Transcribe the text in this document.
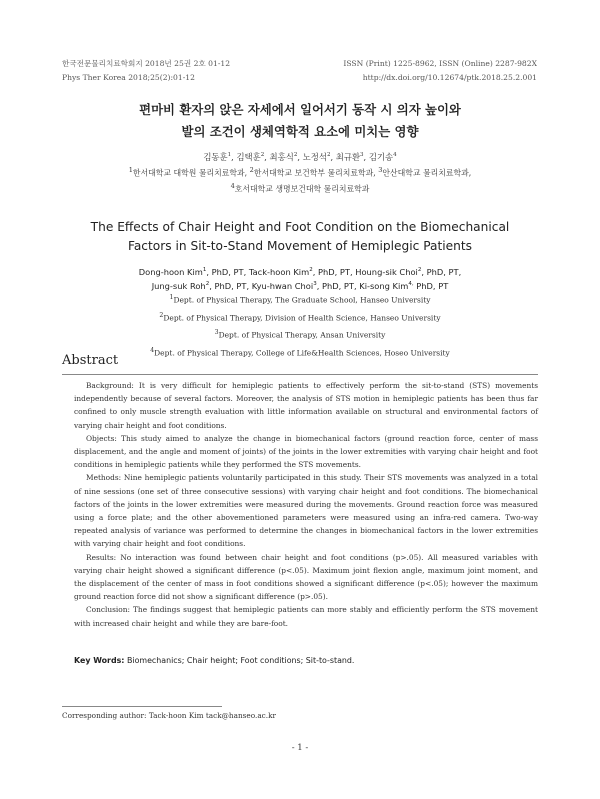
한국전문물리치료학회지 2018년 25권 2호 01-12
Phys Ther Korea 2018;25(2):01-12
ISSN (Print) 1225-8962, ISSN (Online) 2287-982X
http://dx.doi.org/10.12674/ptk.2018.25.2.001
편마비 환자의 앉은 자세에서 일어서기 동작 시 의자 높이와
발의 조건이 생체역학적 요소에 미치는 영향
김동훈$^1$, 김택훈$^2$, 최홍식$^2$, 노정석$^2$, 최규환$^3$, 김기송$^4$
$^1$한서대학교 대학원 물리치료학과, $^2$한서대학교 보건학부 물리치료학과, $^3$안산대학교 물리치료학과,
$^4$호서대학교 생명보건대학 물리치료학과
The Effects of Chair Height and Foot Condition on the Biomechanical
Factors in Sit-to-Stand Movement of Hemiplegic Patients
Dong-hoon Kim$^1$, PhD, PT, Tack-hoon Kim$^2$, PhD, PT, Houng-sik Choi$^2$, PhD, PT,
Jung-suk Roh$^2$, PhD, PT, Kyu-hwan Choi$^3$, PhD, PT, Ki-song Kim$^{4,}$ PhD, PT
$^1$Dept. of Physical Therapy, The Graduate School, Hanseo University
$^2$Dept. of Physical Therapy, Division of Health Science, Hanseo University
$^3$Dept. of Physical Therapy, Ansan University
$^4$Dept. of Physical Therapy, College of Life&Health Sciences, Hoseo University
Abstract

Background: It is very difficult for hemiplegic patients to effectively perform the sit-to-stand (STS) movements independently because of several factors. Moreover, the analysis of STS motion in hemiplegic patients has been thus far confined to only muscle strength evaluation with little information available on structural and environmental factors of varying chair height and foot conditions.

Objects: This study aimed to analyze the change in biomechanical factors (ground reaction force, center of mass displacement, and the angle and moment of joints) of the joints in the lower extremities with varying chair height and foot conditions in hemiplegic patients while they performed the STS movements.

Methods: Nine hemiplegic patients voluntarily participated in this study. Their STS movements was analyzed in a total of nine sessions (one set of three consecutive sessions) with varying chair height and foot conditions. The biomechanical factors of the joints in the lower extremities were measured during the movements. Ground reaction force was measured using a force plate; and the other abovementioned parameters were measured using an infra-red camera. Two-way repeated analysis of variance was performed to determine the changes in biomechanical factors in the lower extremities with varying chair height and foot conditions.

Results: No interaction was found between chair height and foot conditions (p>.05). All measured variables with varying chair height showed a significant difference (p<.05). Maximum joint flexion angle, maximum joint moment, and the displacement of the center of mass in foot conditions showed a significant difference (p<.05); however the maximum ground reaction force did not show a significant difference (p>.05).

Conclusion: The findings suggest that hemiplegic patients can more stably and efficiently perform the STS movement with increased chair height and while they are bare-foot.

Key Words: Biomechanics; Chair height; Foot conditions; Sit-to-stand.
Corresponding author: Tack-hoon Kim tack@hanseo.ac.kr
- 1 -
